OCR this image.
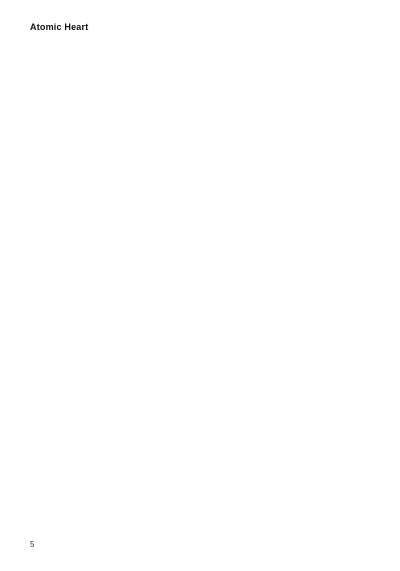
Atomic Heart

5
